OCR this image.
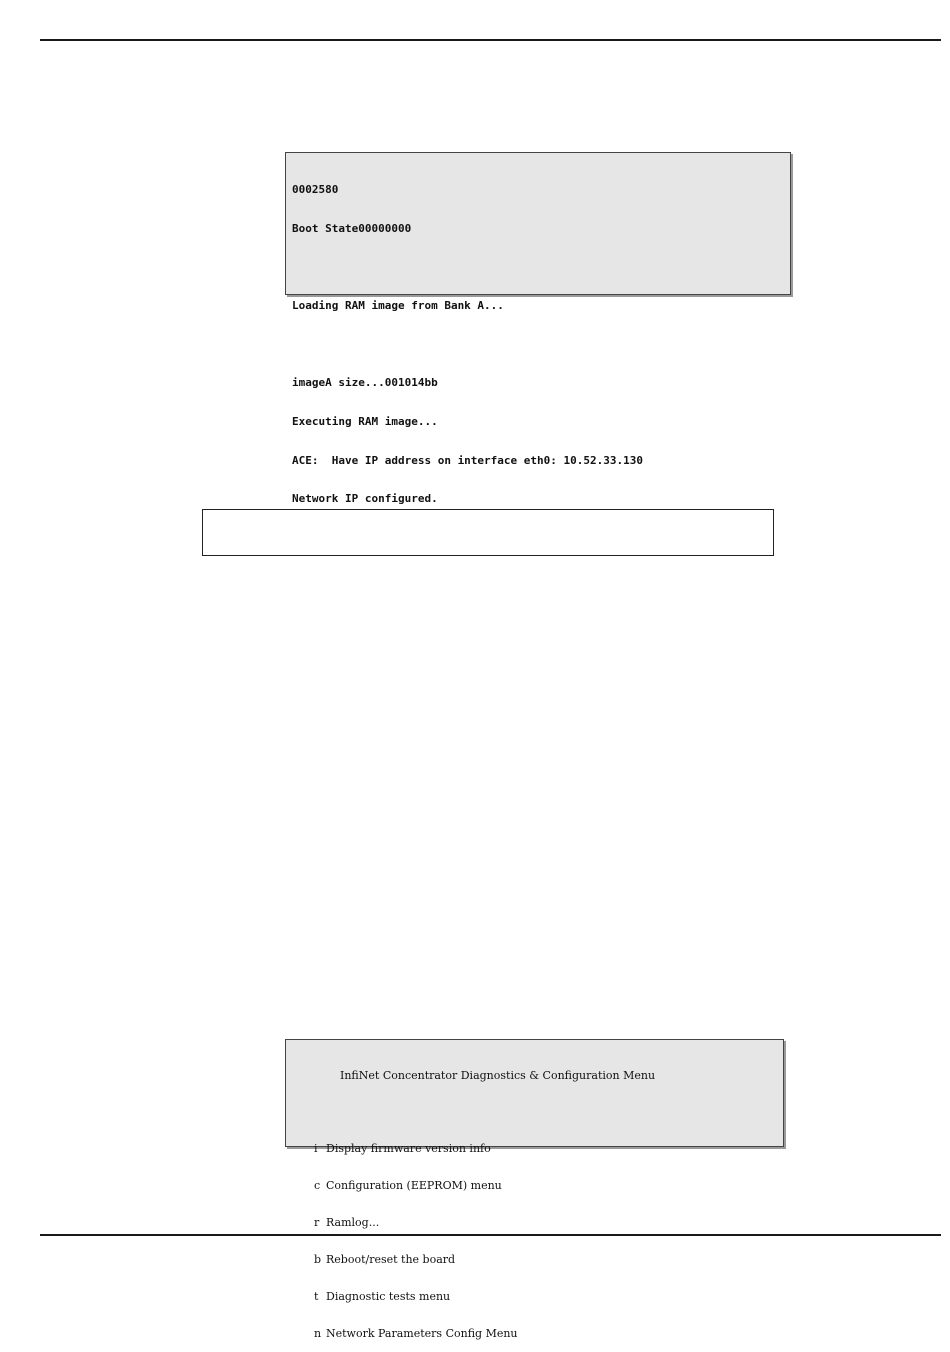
0002580

Boot State00000000

Loading RAM image from Bank A...

imageA size...001014bb

Executing RAM image...

ACE:  Have IP address on interface eth0: 10.52.33.130

Network IP configured.

InfiNet Concentrator Diagnostics & Configuration Menu

i Display firmware version info

c Configuration (EEPROM) menu

r Ramlog...

b Reboot/reset the board

t Diagnostic tests menu

n Network Parameters Config Menu
